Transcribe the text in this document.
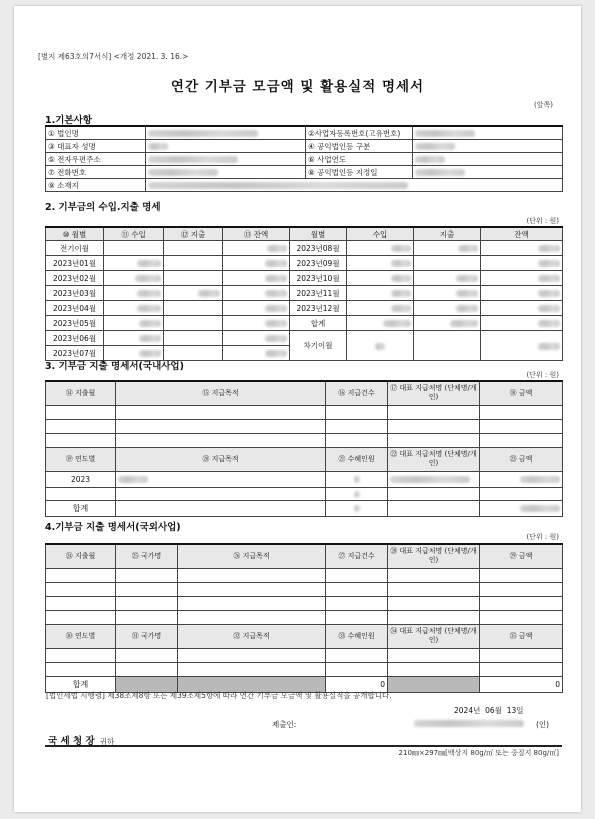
[별지 제63호의7서식] <개정 2021. 3. 16.>
연간 기부금 모금액 및 활용실적 명세서
(앞쪽)
1.기본사항
① 법인명		②사업자등록번호(고유번호)	
③ 대표자 성명		④ 공익법인등 구분	
⑤ 전자우편주소		⑥ 사업연도	
⑦ 전화번호		⑧ 공익법인등 지정일	
⑨ 소재지			
2. 기부금의 수입.지출 명세
(단위 : 원)
⑩ 월별	⑪ 수입	⑫ 지출	⑬ 잔액	월별	수입	지출	잔액
전기이월				2023년08월			
2023년01월				2023년09월			
2023년02월				2023년10월			
2023년03월				2023년11월			
2023년04월				2023년12월			
2023년05월				합계			
2023년06월				차기이월			
2023년07월							
3. 기부금 지출 명세서(국내사업)
(단위 : 원)
⑭ 지출월	⑮ 지급목적	⑯ 지급건수	⑰ 대표 지급처명 (단체명/개인)	⑱ 금액

⑲ 연도별	⑳ 지급목적	㉑ 수혜인원	㉒ 대표 지급처명 (단체명/개인)	㉓ 금액
2023				

합계				
4.기부금 지출 명세서(국외사업)
(단위 : 원)
㉔ 지출월	㉕ 국가명	㉖ 지급목적	㉗ 지급건수	㉘ 대표 지급처명 (단체명/개인)	㉙ 금액

㉚ 연도별	㉛ 국가명	㉜ 지급목적	㉝ 수혜인원	㉞ 대표 지급처명 (단체명/개인)	㉟ 금액

합계			0		0
[법인세법 시행령] 제38조제8항 또는 제39조제5항에 따라 연간 기부금 모금액 및 활용실적을 공개합니다.
2024년 06월 13일
제출인:	(인)
국 세 청 장 귀하
210㎜×297㎜[백상지 80g/㎡ 또는 중질지 80g/㎡]
